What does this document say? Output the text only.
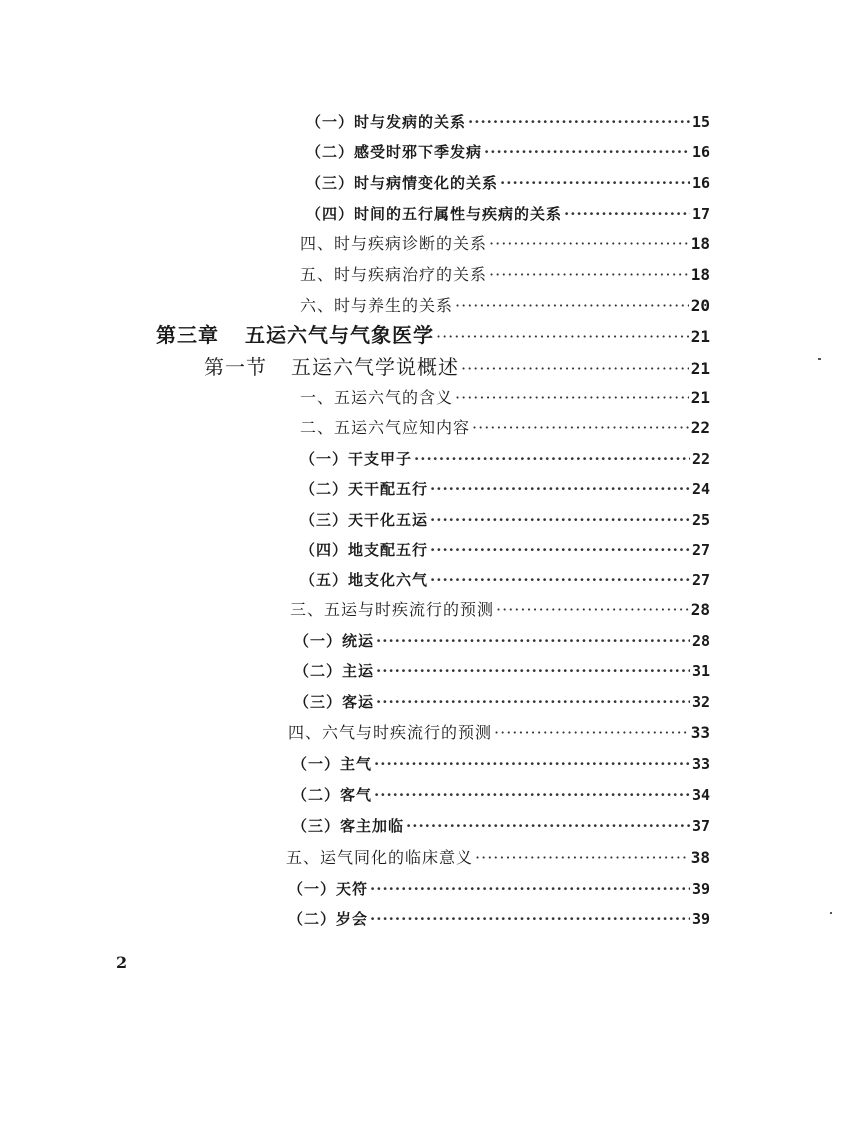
（一）时与发病的关系 ·····	15
（二）感受时邪下季发病 ·····	16
（三）时与病情变化的关系 ·····	16
（四）时间的五行属性与疾病的关系 ·····	17
四、时与疾病诊断的关系 ·····	18
五、时与疾病治疗的关系 ·····	18
六、时与养生的关系 ·····	20
第三章 五运六气与气象医学 ·····	21
第一节 五运六气学说概述 ·····	21
一、五运六气的含义 ·····	21
二、五运六气应知内容 ·····	22
（一）干支甲子 ·····	22
（二）天干配五行 ·····	24
（三）天干化五运 ·····	25
（四）地支配五行 ·····	27
（五）地支化六气 ·····	27
三、五运与时疾流行的预测 ·····	28
（一）统运 ·····	28
（二）主运 ·····	31
（三）客运 ·····	32
四、六气与时疾流行的预测 ·····	33
（一）主气 ·····	33
（二）客气 ·····	34
（三）客主加临 ·····	37
五、运气同化的临床意义 ·····	38
（一）天符 ·····	39
（二）岁会 ·····	39
2
